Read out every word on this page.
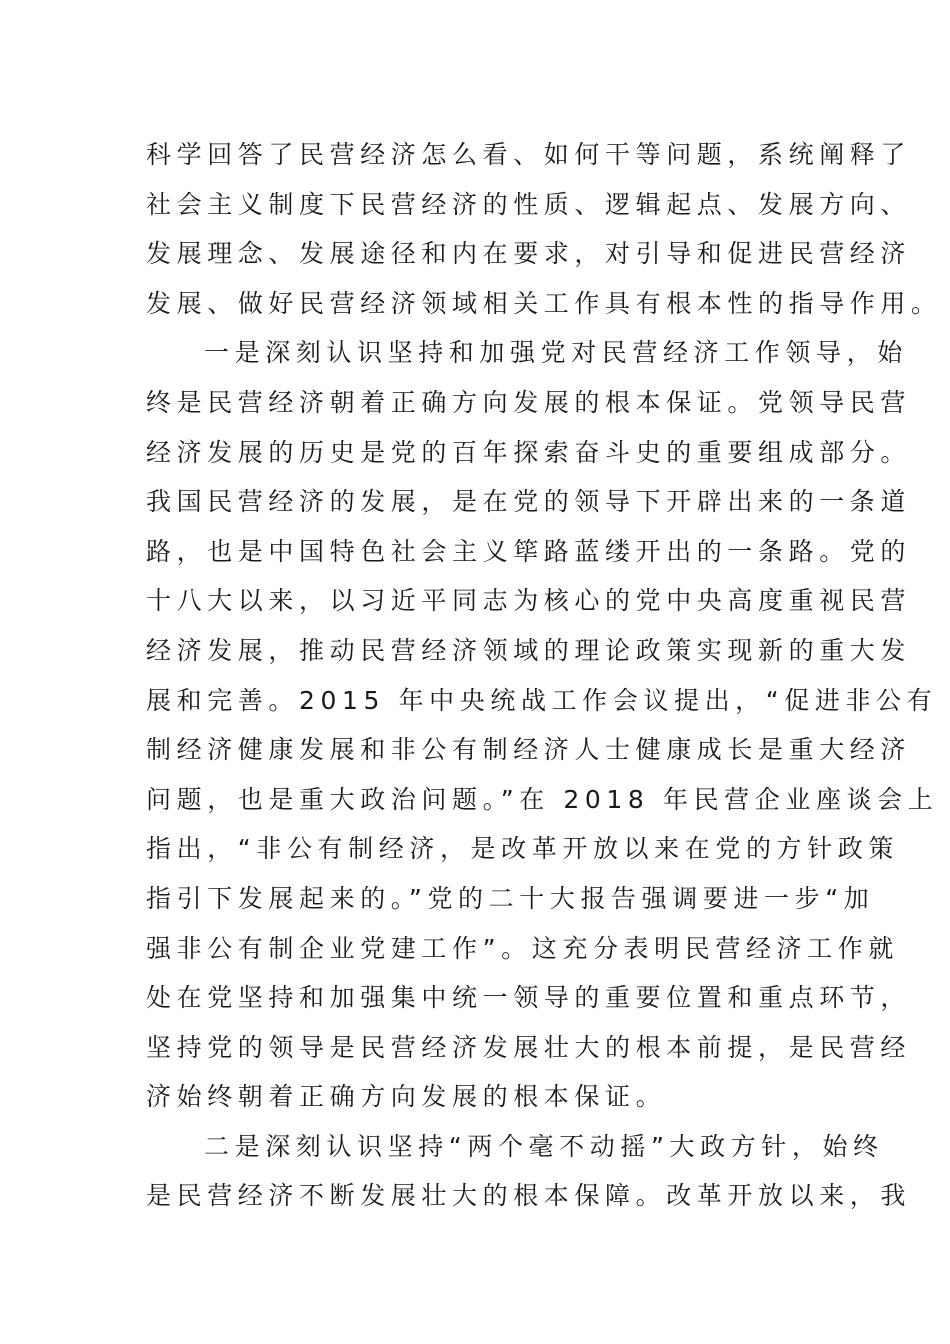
科学回答了民营经济怎么看、如何干等问题，系统阐释了
社会主义制度下民营经济的性质、逻辑起点、发展方向、
发展理念、发展途径和内在要求，对引导和促进民营经济
发展、做好民营经济领域相关工作具有根本性的指导作用。
一是深刻认识坚持和加强党对民营经济工作领导，始
终是民营经济朝着正确方向发展的根本保证。党领导民营
经济发展的历史是党的百年探索奋斗史的重要组成部分。
我国民营经济的发展，是在党的领导下开辟出来的一条道
路，也是中国特色社会主义筚路蓝缕开出的一条路。党的
十八大以来，以习近平同志为核心的党中央高度重视民营
经济发展，推动民营经济领域的理论政策实现新的重大发
展和完善。2015 年中央统战工作会议提出，“促进非公有
制经济健康发展和非公有制经济人士健康成长是重大经济
问题，也是重大政治问题。”在 2018 年民营企业座谈会上
指出，“非公有制经济，是改革开放以来在党的方针政策
指引下发展起来的。”党的二十大报告强调要进一步“加
强非公有制企业党建工作”。这充分表明民营经济工作就
处在党坚持和加强集中统一领导的重要位置和重点环节，
坚持党的领导是民营经济发展壮大的根本前提，是民营经
济始终朝着正确方向发展的根本保证。
二是深刻认识坚持“两个毫不动摇”大政方针，始终
是民营经济不断发展壮大的根本保障。改革开放以来，我
